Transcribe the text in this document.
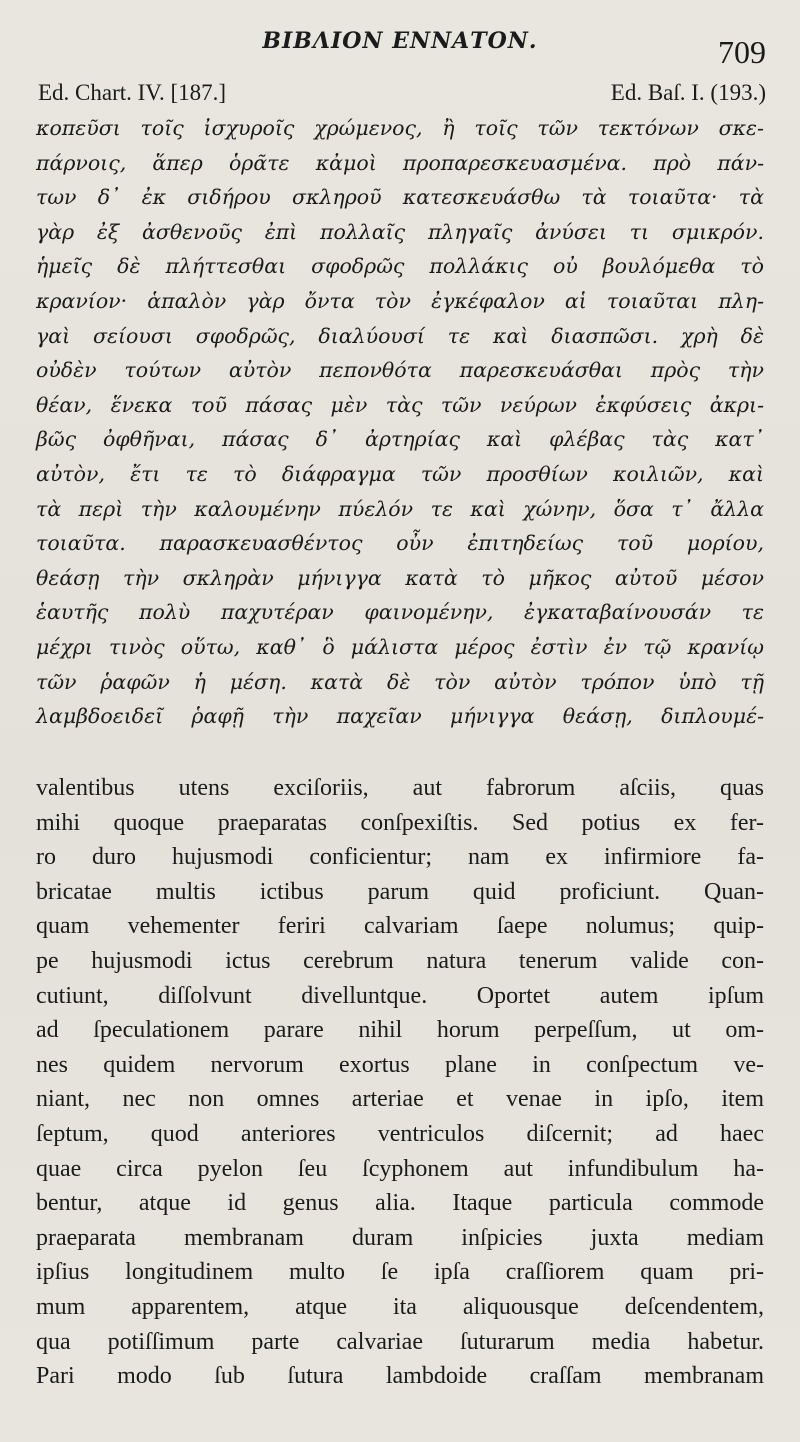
ΒΙΒΛΙΟΝ ΕΝΝΑΤΟΝ.	709
Ed. Chart. IV. [187.]	Ed. Baſ. I. (193.)
κοπεῦσι τοῖς ἰσχυροῖς χρώμενος, ἢ τοῖς τῶν τεκτόνων σκε-
πάρνοις, ἅπερ ὁρᾶτε κἀμοὶ προπαρεσκευασμένα. πρὸ πάν-
των δ᾽ ἐκ σιδήρου σκληροῦ κατεσκευάσθω τὰ τοιαῦτα· τὰ
γὰρ ἐξ ἀσθενοῦς ἐπὶ πολλαῖς πληγαῖς ἀνύσει τι σμικρόν.
ἡμεῖς δὲ πλήττεσθαι σφοδρῶς πολλάκις οὐ βουλόμεθα τὸ
κρανίον· ἁπαλὸν γὰρ ὄντα τὸν ἐγκέφαλον αἱ τοιαῦται πλη-
γαὶ σείουσι σφοδρῶς, διαλύουσί τε καὶ διασπῶσι. χρὴ δὲ
οὐδὲν τούτων αὐτὸν πεπονθότα παρεσκευάσθαι πρὸς τὴν
θέαν, ἕνεκα τοῦ πάσας μὲν τὰς τῶν νεύρων ἐκφύσεις ἀκρι-
βῶς ὀφθῆναι, πάσας δ᾽ ἀρτηρίας καὶ φλέβας τὰς κατ᾽
αὐτὸν, ἔτι τε τὸ διάφραγμα τῶν προσθίων κοιλιῶν, καὶ
τὰ περὶ τὴν καλουμένην πύελόν τε καὶ χώνην, ὅσα τ᾽ ἄλλα
τοιαῦτα. παρασκευασθέντος οὖν ἐπιτηδείως τοῦ μορίου,
θεάσῃ τὴν σκληρὰν μήνιγγα κατὰ τὸ μῆκος αὐτοῦ μέσον
ἑαυτῆς πολὺ παχυτέραν φαινομένην, ἐγκαταβαίνουσάν τε
μέχρι τινὸς οὕτω, καθ᾽ ὃ μάλιστα μέρος ἐστὶν ἐν τῷ κρανίῳ
τῶν ῥαφῶν ἡ μέση. κατὰ δὲ τὸν αὐτὸν τρόπον ὑπὸ τῇ
λαμβδοειδεῖ ῥαφῇ τὴν παχεῖαν μήνιγγα θεάσῃ, διπλουμέ-
valentibus utens exciſoriis, aut fabrorum aſciis, quas
mihi quoque praeparatas conſpexiſtis. Sed potius ex fer-
ro duro hujusmodi conficientur; nam ex infirmiore fa-
bricatae multis ictibus parum quid proficiunt. Quan-
quam vehementer feriri calvariam ſaepe nolumus; quip-
pe hujusmodi ictus cerebrum natura tenerum valide con-
cutiunt, diſſolvunt divelluntque. Oportet autem ipſum
ad ſpeculationem parare nihil horum perpeſſum, ut om-
nes quidem nervorum exortus plane in conſpectum ve-
niant, nec non omnes arteriae et venae in ipſo, item
ſeptum, quod anteriores ventriculos diſcernit; ad haec
quae circa pyelon ſeu ſcyphonem aut infundibulum ha-
bentur, atque id genus alia. Itaque particula commode
praeparata membranam duram inſpicies juxta mediam
ipſius longitudinem multo ſe ipſa craſſiorem quam pri-
mum apparentem, atque ita aliquousque deſcendentem,
qua potiſſimum parte calvariae ſuturarum media habetur.
Pari modo ſub ſutura lambdoide craſſam membranam
